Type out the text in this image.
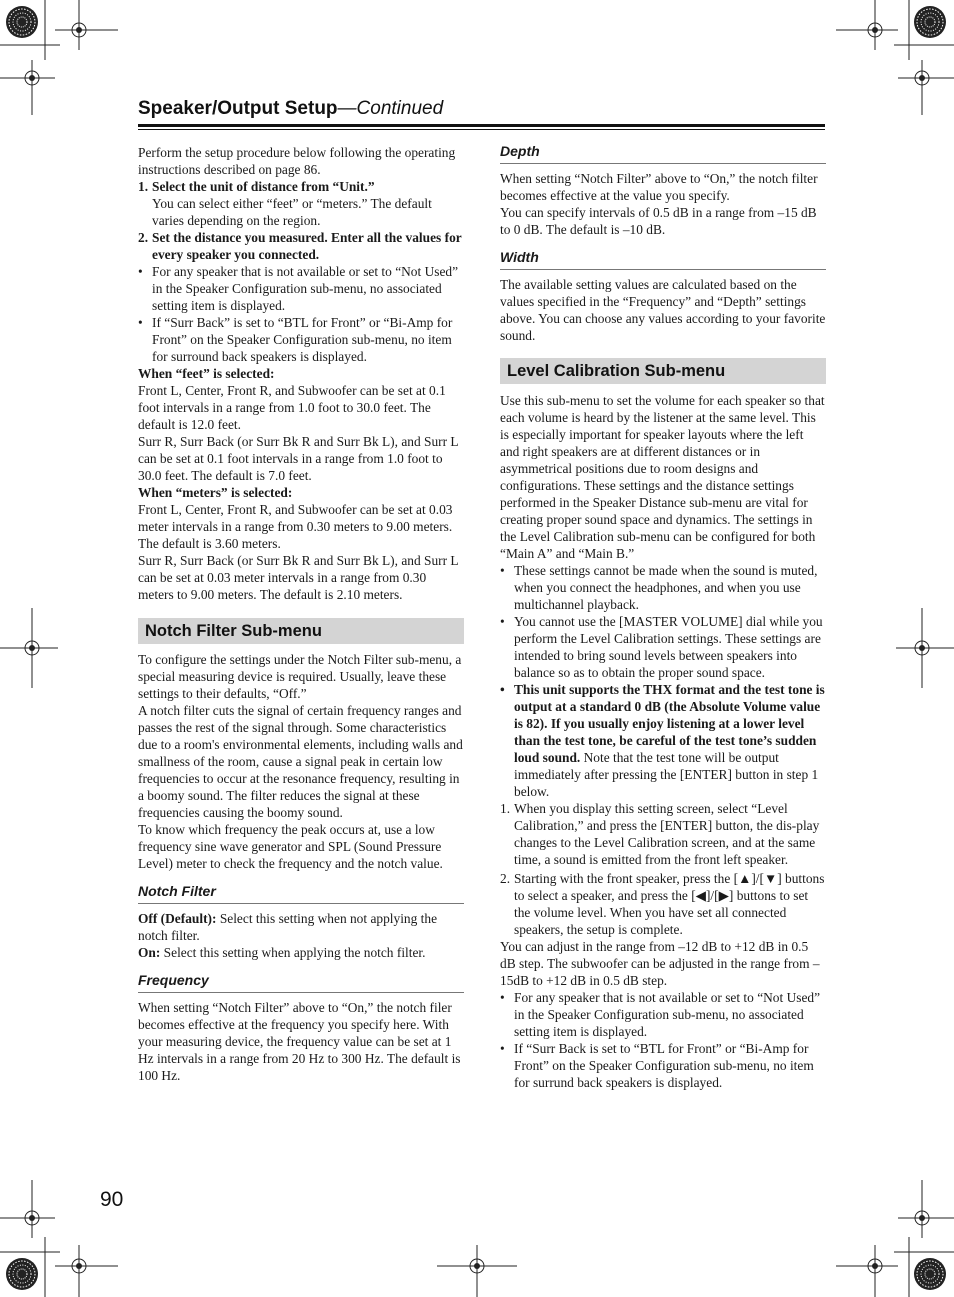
Speaker/Output Setup—Continued

Perform the setup procedure below following the operating instructions described on page 86.

1. Select the unit of distance from “Unit.”

You can select either “feet” or “meters.” The default varies depending on the region.

2. Set the distance you measured. Enter all the values for every speaker you connected.
• For any speaker that is not available or set to “Not Used” in the Speaker Configuration sub-menu, no associated setting item is displayed.
• If “Surr Back” is set to “BTL for Front” or “Bi-Amp for Front” on the Speaker Configuration sub-menu, no item for surround back speakers is displayed.

When “feet” is selected:

Front L, Center, Front R, and Subwoofer can be set at 0.1 foot intervals in a range from 1.0 foot to 30.0 feet. The default is 12.0 feet.

Surr R, Surr Back (or Surr Bk R and Surr Bk L), and Surr L can be set at 0.1 foot intervals in a range from 1.0 foot to 30.0 feet. The default is 7.0 feet.

When “meters” is selected:

Front L, Center, Front R, and Subwoofer can be set at 0.03 meter intervals in a range from 0.30 meters to 9.00 meters. The default is 3.60 meters.

Surr R, Surr Back (or Surr Bk R and Surr Bk L), and Surr L can be set at 0.03 meter intervals in a range from 0.30 meters to 9.00 meters. The default is 2.10 meters.

Notch Filter Sub-menu

To configure the settings under the Notch Filter sub-menu, a special measuring device is required. Usually, leave these settings to their defaults, “Off.”

A notch filter cuts the signal of certain frequency ranges and passes the rest of the signal through. Some characteristics due to a room's environmental elements, including walls and smallness of the room, cause a signal peak in certain low frequencies to occur at the resonance frequency, resulting in a boomy sound. The filter reduces the signal at these frequencies causing the boomy sound.

To know which frequency the peak occurs at, use a low frequency sine wave generator and SPL (Sound Pressure Level) meter to check the frequency and the notch value.

Notch Filter

Off (Default): Select this setting when not applying the notch filter.

On: Select this setting when applying the notch filter.

Frequency

When setting “Notch Filter” above to “On,” the notch filer becomes effective at the frequency you specify here. With your measuring device, the frequency value can be set at 1 Hz intervals in a range from 20 Hz to 300 Hz. The default is 100 Hz.

Depth

When setting “Notch Filter” above to “On,” the notch filter becomes effective at the value you specify.

You can specify intervals of 0.5 dB in a range from –15 dB to 0 dB. The default is –10 dB.

Width

The available setting values are calculated based on the values specified in the “Frequency” and “Depth” settings above. You can choose any values according to your favorite sound.

Level Calibration Sub-menu

Use this sub-menu to set the volume for each speaker so that each volume is heard by the listener at the same level. This is especially important for speaker layouts where the left and right speakers are at different distances or in asymmetrical positions due to room designs and configurations. These settings and the distance settings performed in the Speaker Distance sub-menu are vital for creating proper sound space and dynamics. The settings in the Level Calibration sub-menu can be configured for both “Main A” and “Main B.”

• These settings cannot be made when the sound is muted, when you connect the headphones, and when you use multichannel playback.
• You cannot use the [MASTER VOLUME] dial while you perform the Level Calibration settings. These settings are intended to bring sound levels between speakers into balance so as to obtain the proper sound space.
• This unit supports the THX format and the test tone is output at a standard 0 dB (the Absolute Volume value is 82). If you usually enjoy listening at a lower level than the test tone, be careful of the test tone’s sudden loud sound. Note that the test tone will be output immediately after pressing the [ENTER] button in step 1 below.
1. When you display this setting screen, select “Level Calibration,” and press the [ENTER] button, the dis-play changes to the Level Calibration screen, and at the same time, a sound is emitted from the front left speaker.
2. Starting with the front speaker, press the [▲]/[▼] buttons to select a speaker, and press the [◀]/[▶] buttons to set the volume level. When you have set all connected speakers, the setup is complete.

You can adjust in the range from –12 dB to +12 dB in 0.5 dB step. The subwoofer can be adjusted in the range from –15dB to +12 dB in 0.5 dB step.

• For any speaker that is not available or set to “Not Used” in the Speaker Configuration sub-menu, no associated setting item is displayed.
• If “Surr Back is set to “BTL for Front” or “Bi-Amp for Front” on the Speaker Configuration sub-menu, no item for surrund back speakers is displayed.
90
